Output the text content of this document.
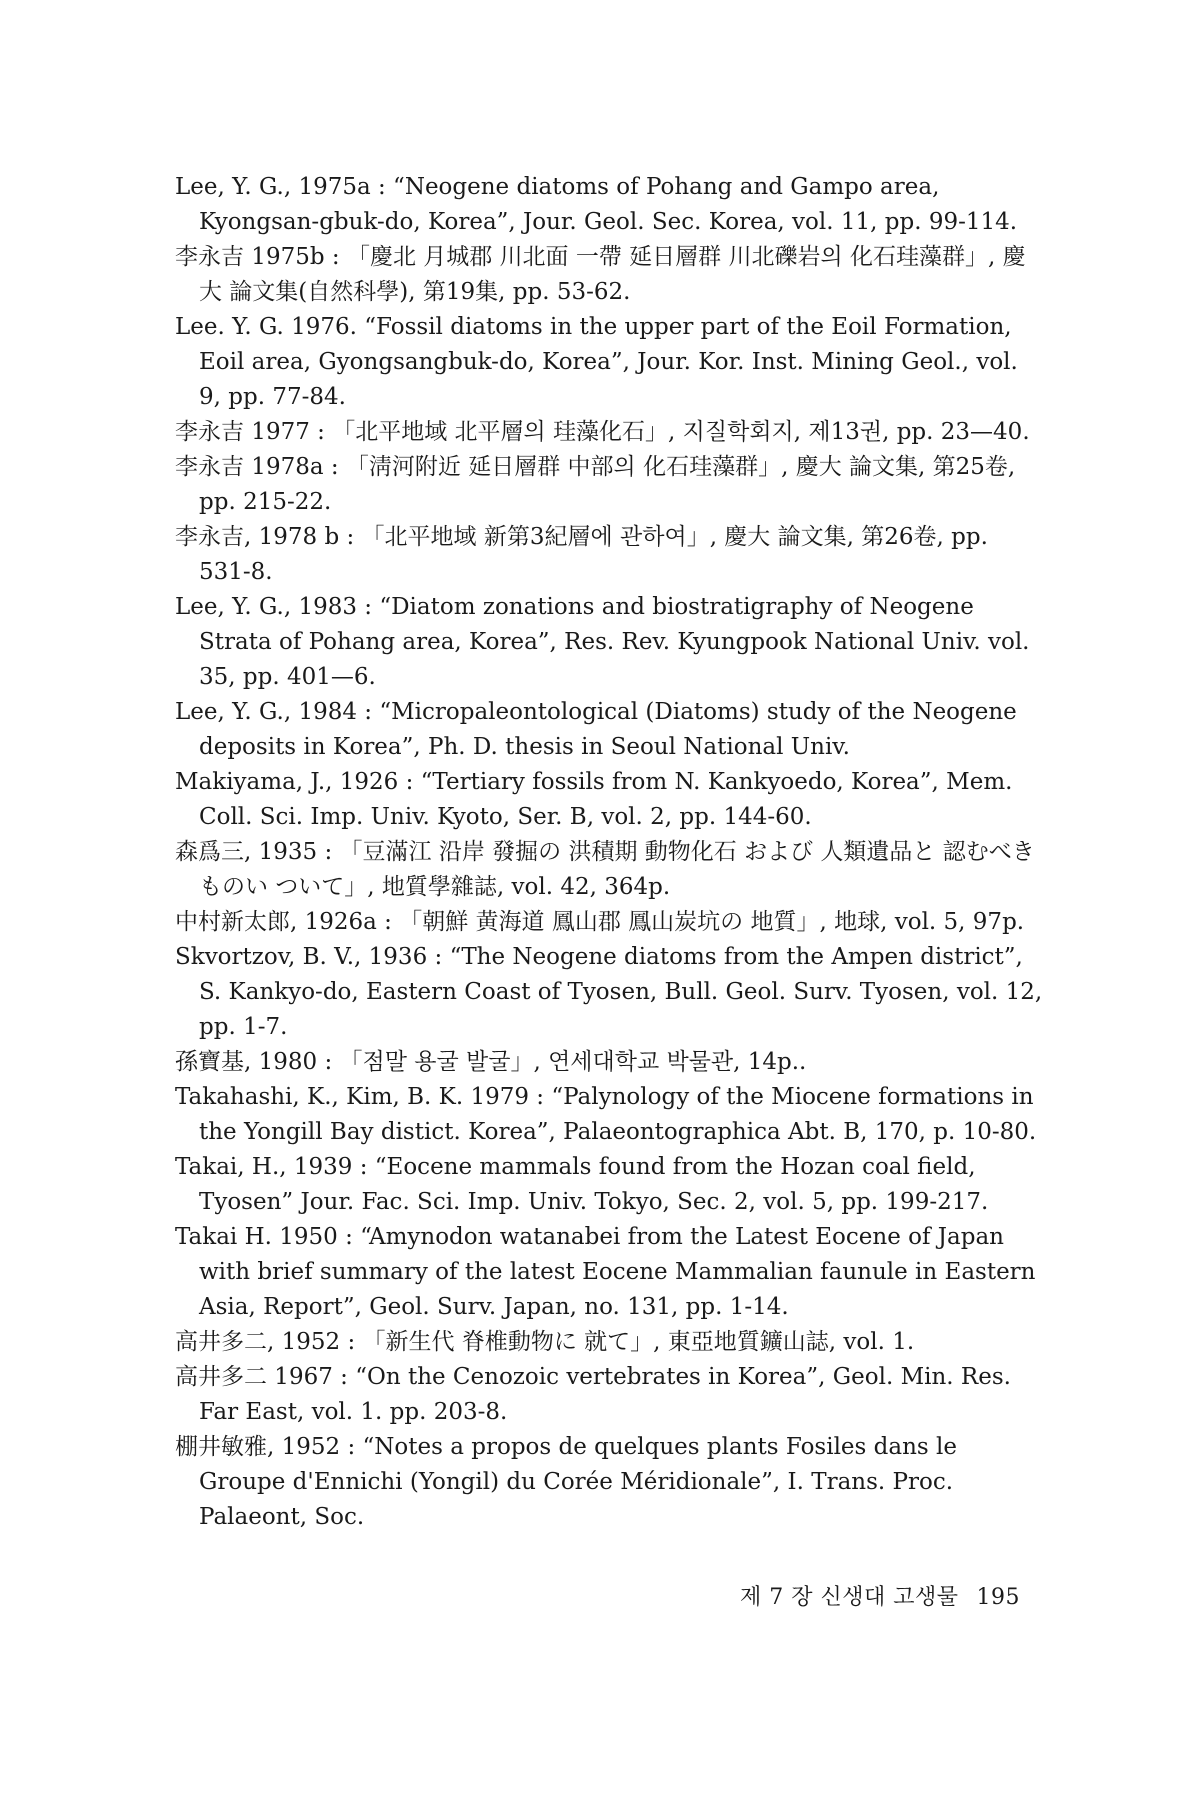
Lee, Y. G., 1975a : “Neogene diatoms of Pohang and Gampo area, Kyongsan-gbuk-do, Korea”, Jour. Geol. Sec. Korea, vol. 11, pp. 99-114.

李永吉 1975b : 「慶北 月城郡 川北面 一帶 延日層群 川北礫岩의 化石珪藻群」, 慶大 論文集(自然科學), 第19集, pp. 53-62.

Lee. Y. G. 1976. “Fossil diatoms in the upper part of the Eoil Formation, Eoil area, Gyongsangbuk-do, Korea”, Jour. Kor. Inst. Mining Geol., vol. 9, pp. 77-84.

李永吉 1977 : 「北平地域 北平層의 珪藻化石」, 지질학회지, 제13권, pp. 23—40.

李永吉 1978a : 「淸河附近 延日層群 中部의 化石珪藻群」, 慶大 論文集, 第25卷, pp. 215-22.

李永吉, 1978 b : 「北平地域 新第3紀層에 관하여」, 慶大 論文集, 第26卷, pp. 531-8.

Lee, Y. G., 1983 : “Diatom zonations and biostratigraphy of Neogene Strata of Pohang area, Korea”, Res. Rev. Kyungpook National Univ. vol. 35, pp. 401—6.

Lee, Y. G., 1984 : “Micropaleontological (Diatoms) study of the Neogene deposits in Korea”, Ph. D. thesis in Seoul National Univ.

Makiyama, J., 1926 : “Tertiary fossils from N. Kankyoedo, Korea”, Mem. Coll. Sci. Imp. Univ. Kyoto, Ser. B, vol. 2, pp. 144-60.

森爲三, 1935 : 「豆滿江 沿岸 發掘の 洪積期 動物化石 および 人類遺品と 認むべきものい ついて」, 地質學雜誌, vol. 42, 364p.

中村新太郎, 1926a : 「朝鮮 黄海道 鳳山郡 鳳山炭坑の 地質」, 地球, vol. 5, 97p.

Skvortzov, B. V., 1936 : “The Neogene diatoms from the Ampen district”, S. Kankyo-do, Eastern Coast of Tyosen, Bull. Geol. Surv. Tyosen, vol. 12, pp. 1-7.

孫寶基, 1980 : 「점말 용굴 발굴」, 연세대학교 박물관, 14p..

Takahashi, K., Kim, B. K. 1979 : “Palynology of the Miocene formations in the Yongill Bay distict. Korea”, Palaeontographica Abt. B, 170, p. 10-80.

Takai, H., 1939 : “Eocene mammals found from the Hozan coal field, Tyosen” Jour. Fac. Sci. Imp. Univ. Tokyo, Sec. 2, vol. 5, pp. 199-217.

Takai H. 1950 : “Amynodon watanabei from the Latest Eocene of Japan with brief summary of the latest Eocene Mammalian faunule in Eastern Asia, Report”, Geol. Surv. Japan, no. 131, pp. 1-14.

高井多二, 1952 : 「新生代 脊椎動物に 就て」, 東亞地質鑛山誌, vol. 1.

高井多二 1967 : “On the Cenozoic vertebrates in Korea”, Geol. Min. Res. Far East, vol. 1. pp. 203-8.

棚井敏雅, 1952 : “Notes a propos de quelques plants Fosiles dans le Groupe d'Ennichi (Yongil) du Corée Méridionale”, I. Trans. Proc. Palaeont, Soc.

제 7 장 신생대 고생물 195
